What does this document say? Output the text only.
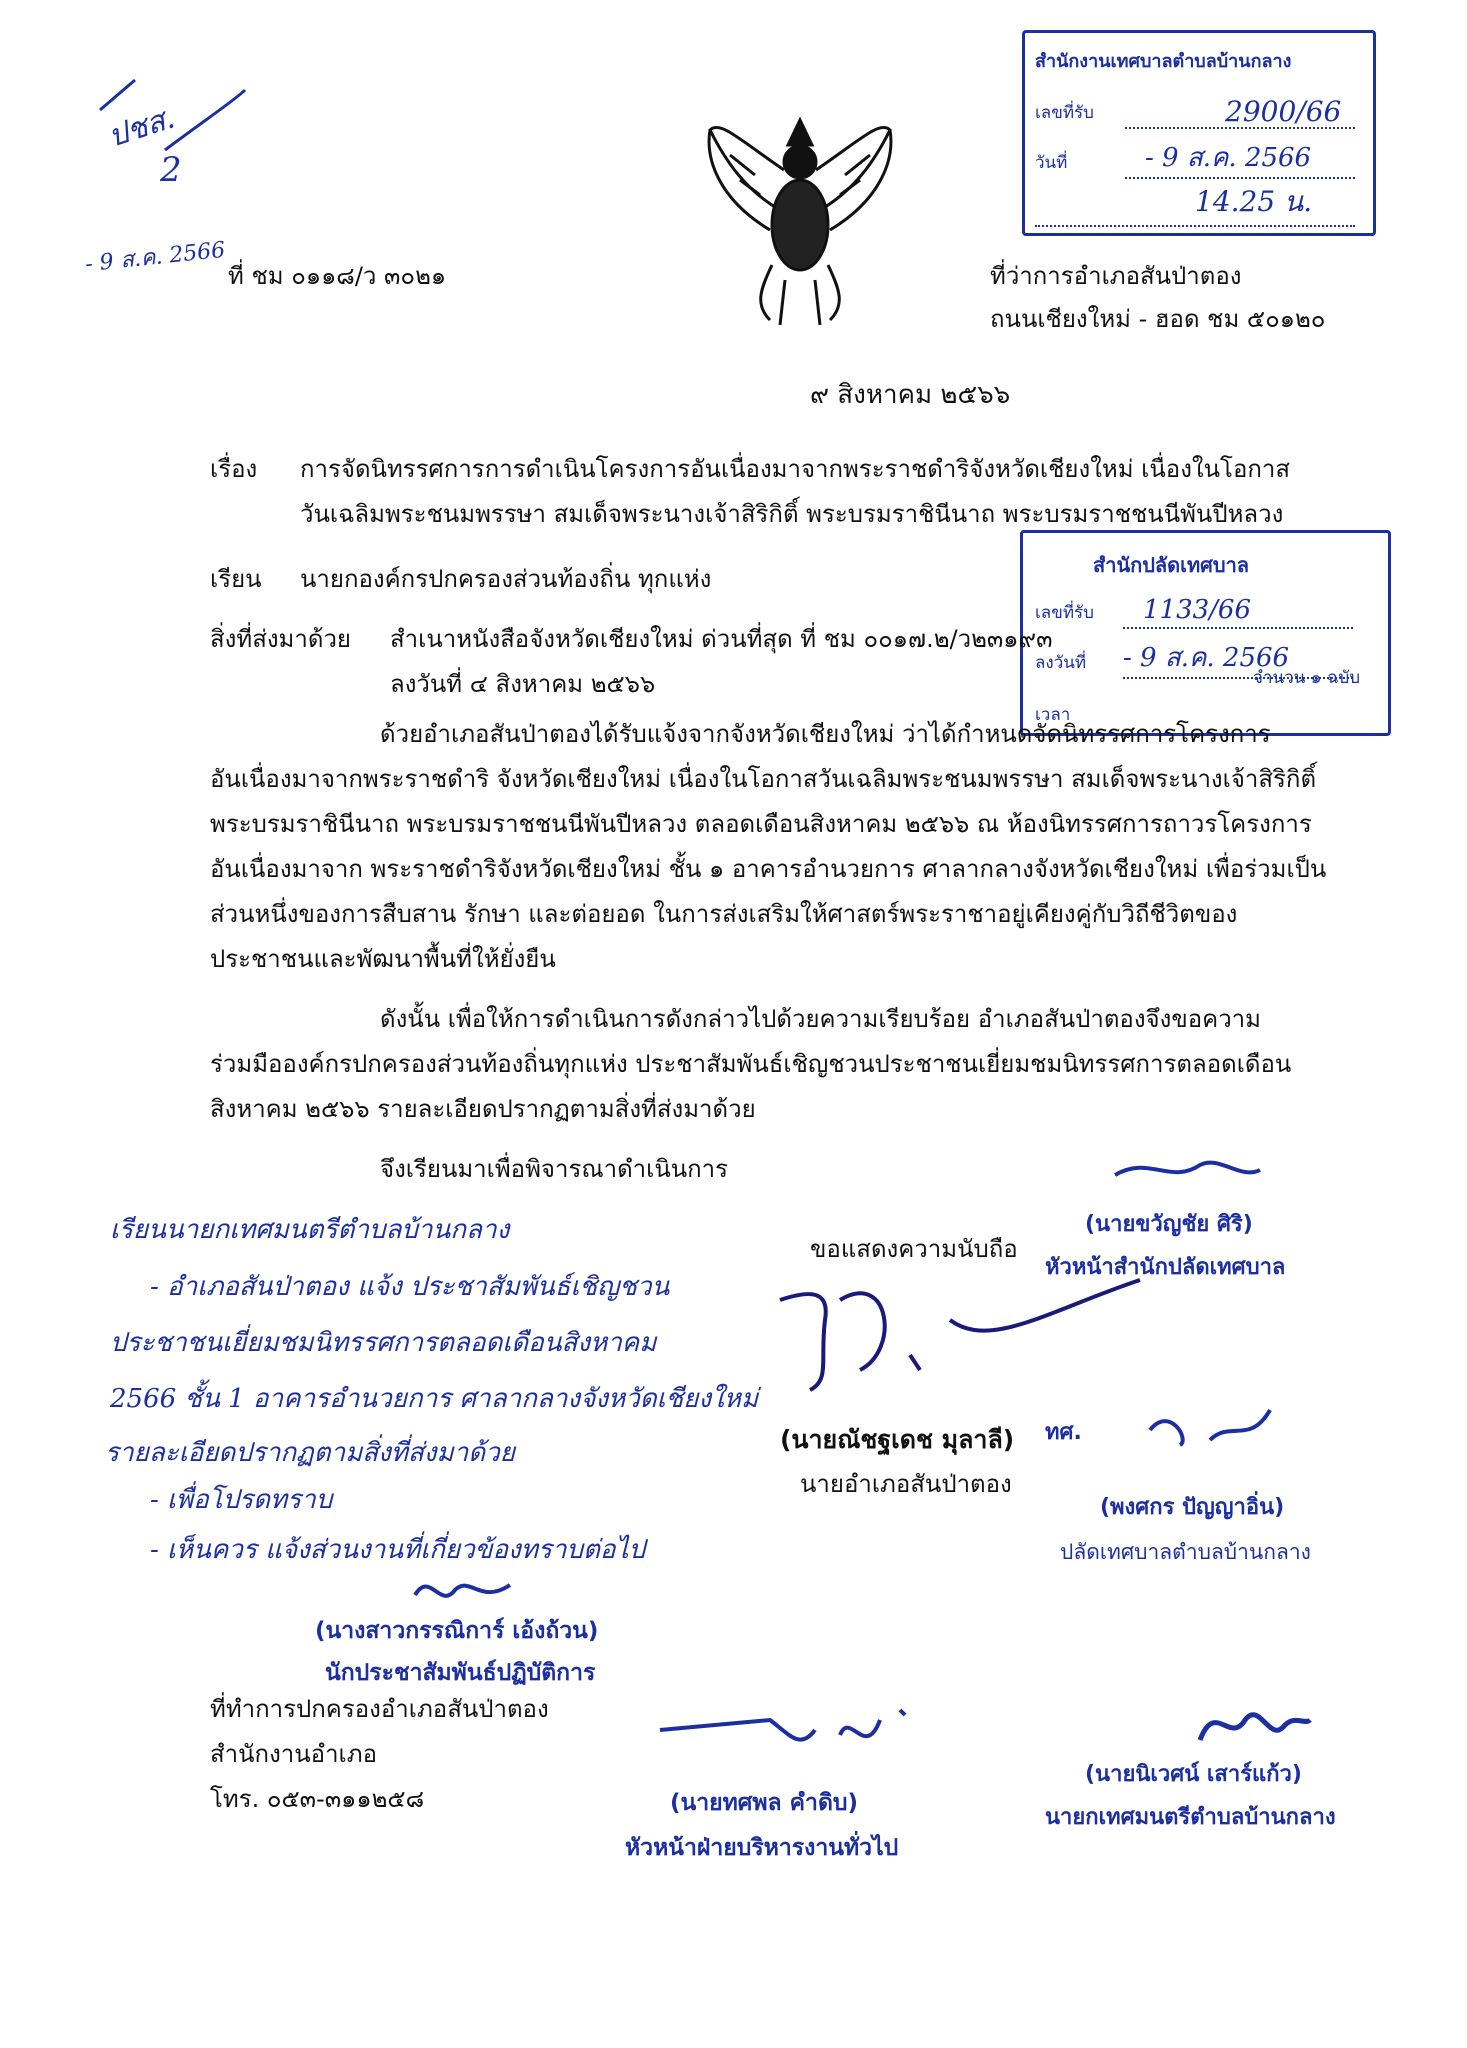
ปชส.
2
- 9 ส.ค. 2566 ที่ ชม ๐๑๑๘/ว ๓๐๒๑	ที่ว่าการอำเภอสันป่าตอง
ถนนเชียงใหม่ - ฮอด ชม ๕๐๑๒๐
สำนักงานเทศบาลตำบลบ้านกลาง
เลขที่รับ	2900/66
วันที่	- 9 ส.ค. 2566
14.25 น.
๙ สิงหาคม ๒๕๖๖
เรื่อง การจัดนิทรรศการการดำเนินโครงการอันเนื่องมาจากพระราชดำริจังหวัดเชียงใหม่ เนื่องในโอกาส
วันเฉลิมพระชนมพรรษา สมเด็จพระนางเจ้าสิริกิติ์ พระบรมราชินีนาถ พระบรมราชชนนีพันปีหลวง
สำนักปลัดเทศบาล
เลขที่รับ 1133/66
ลงวันที่ - 9 ส.ค. 2566
จำนวน ๑ ฉบับ
เวลา
เรียน นายกองค์กรปกครองส่วนท้องถิ่น ทุกแห่ง
สิ่งที่ส่งมาด้วย สำเนาหนังสือจังหวัดเชียงใหม่ ด่วนที่สุด ที่ ชม ๐๐๑๗.๒/ว๒๓๑๙๓
ลงวันที่ ๔ สิงหาคม ๒๕๖๖
ด้วยอำเภอสันป่าตองได้รับแจ้งจากจังหวัดเชียงใหม่ ว่าได้กำหนดจัดนิทรรศการโครงการ
อันเนื่องมาจากพระราชดำริ จังหวัดเชียงใหม่ เนื่องในโอกาสวันเฉลิมพระชนมพรรษา สมเด็จพระนางเจ้าสิริกิติ์
พระบรมราชินีนาถ พระบรมราชชนนีพันปีหลวง ตลอดเดือนสิงหาคม ๒๕๖๖ ณ ห้องนิทรรศการถาวรโครงการ
อันเนื่องมาจาก พระราชดำริจังหวัดเชียงใหม่ ชั้น ๑ อาคารอำนวยการ ศาลากลางจังหวัดเชียงใหม่ เพื่อร่วมเป็น
ส่วนหนึ่งของการสืบสาน รักษา และต่อยอด ในการส่งเสริมให้ศาสตร์พระราชาอยู่เคียงคู่กับวิถีชีวิตของ
ประชาชนและพัฒนาพื้นที่ให้ยั่งยืน
ดังนั้น เพื่อให้การดำเนินการดังกล่าวไปด้วยความเรียบร้อย อำเภอสันป่าตองจึงขอความ
ร่วมมือองค์กรปกครองส่วนท้องถิ่นทุกแห่ง ประชาสัมพันธ์เชิญชวนประชาชนเยี่ยมชมนิทรรศการตลอดเดือน
สิงหาคม ๒๕๖๖ รายละเอียดปรากฏตามสิ่งที่ส่งมาด้วย
จึงเรียนมาเพื่อพิจารณาดำเนินการ
เรียนนายกเทศมนตรีตำบลบ้านกลาง
- อำเภอสันป่าตอง แจ้ง ประชาสัมพันธ์เชิญชวน
ประชาชนเยี่ยมชมนิทรรศการตลอดเดือนสิงหาคม
2566 ชั้น 1 อาคารอำนวยการ ศาลากลางจังหวัดเชียงใหม่
รายละเอียดปรากฏตามสิ่งที่ส่งมาด้วย
- เพื่อโปรดทราบ
- เห็นควร แจ้งส่วนงานที่เกี่ยวข้องทราบต่อไป
ขอแสดงความนับถือ
(นายณัชฐเดช มุลาลี)
นายอำเภอสันป่าตอง
(นายขวัญชัย ศิริ)
หัวหน้าสำนักปลัดเทศบาล
ทศ.
(พงศกร ปัญญาอิ่น)
ปลัดเทศบาลตำบลบ้านกลาง
(นางสาวกรรณิการ์ เอ้งถ้วน)
นักประชาสัมพันธ์ปฏิบัติการ
ที่ทำการปกครองอำเภอสันป่าตอง
สำนักงานอำเภอ
โทร. ๐๕๓-๓๑๑๒๕๘	(นายทศพล คำดิบ)
หัวหน้าฝ่ายบริหารงานทั่วไป
(นายนิเวศน์ เสาร์แก้ว)
นายกเทศมนตรีตำบลบ้านกลาง
